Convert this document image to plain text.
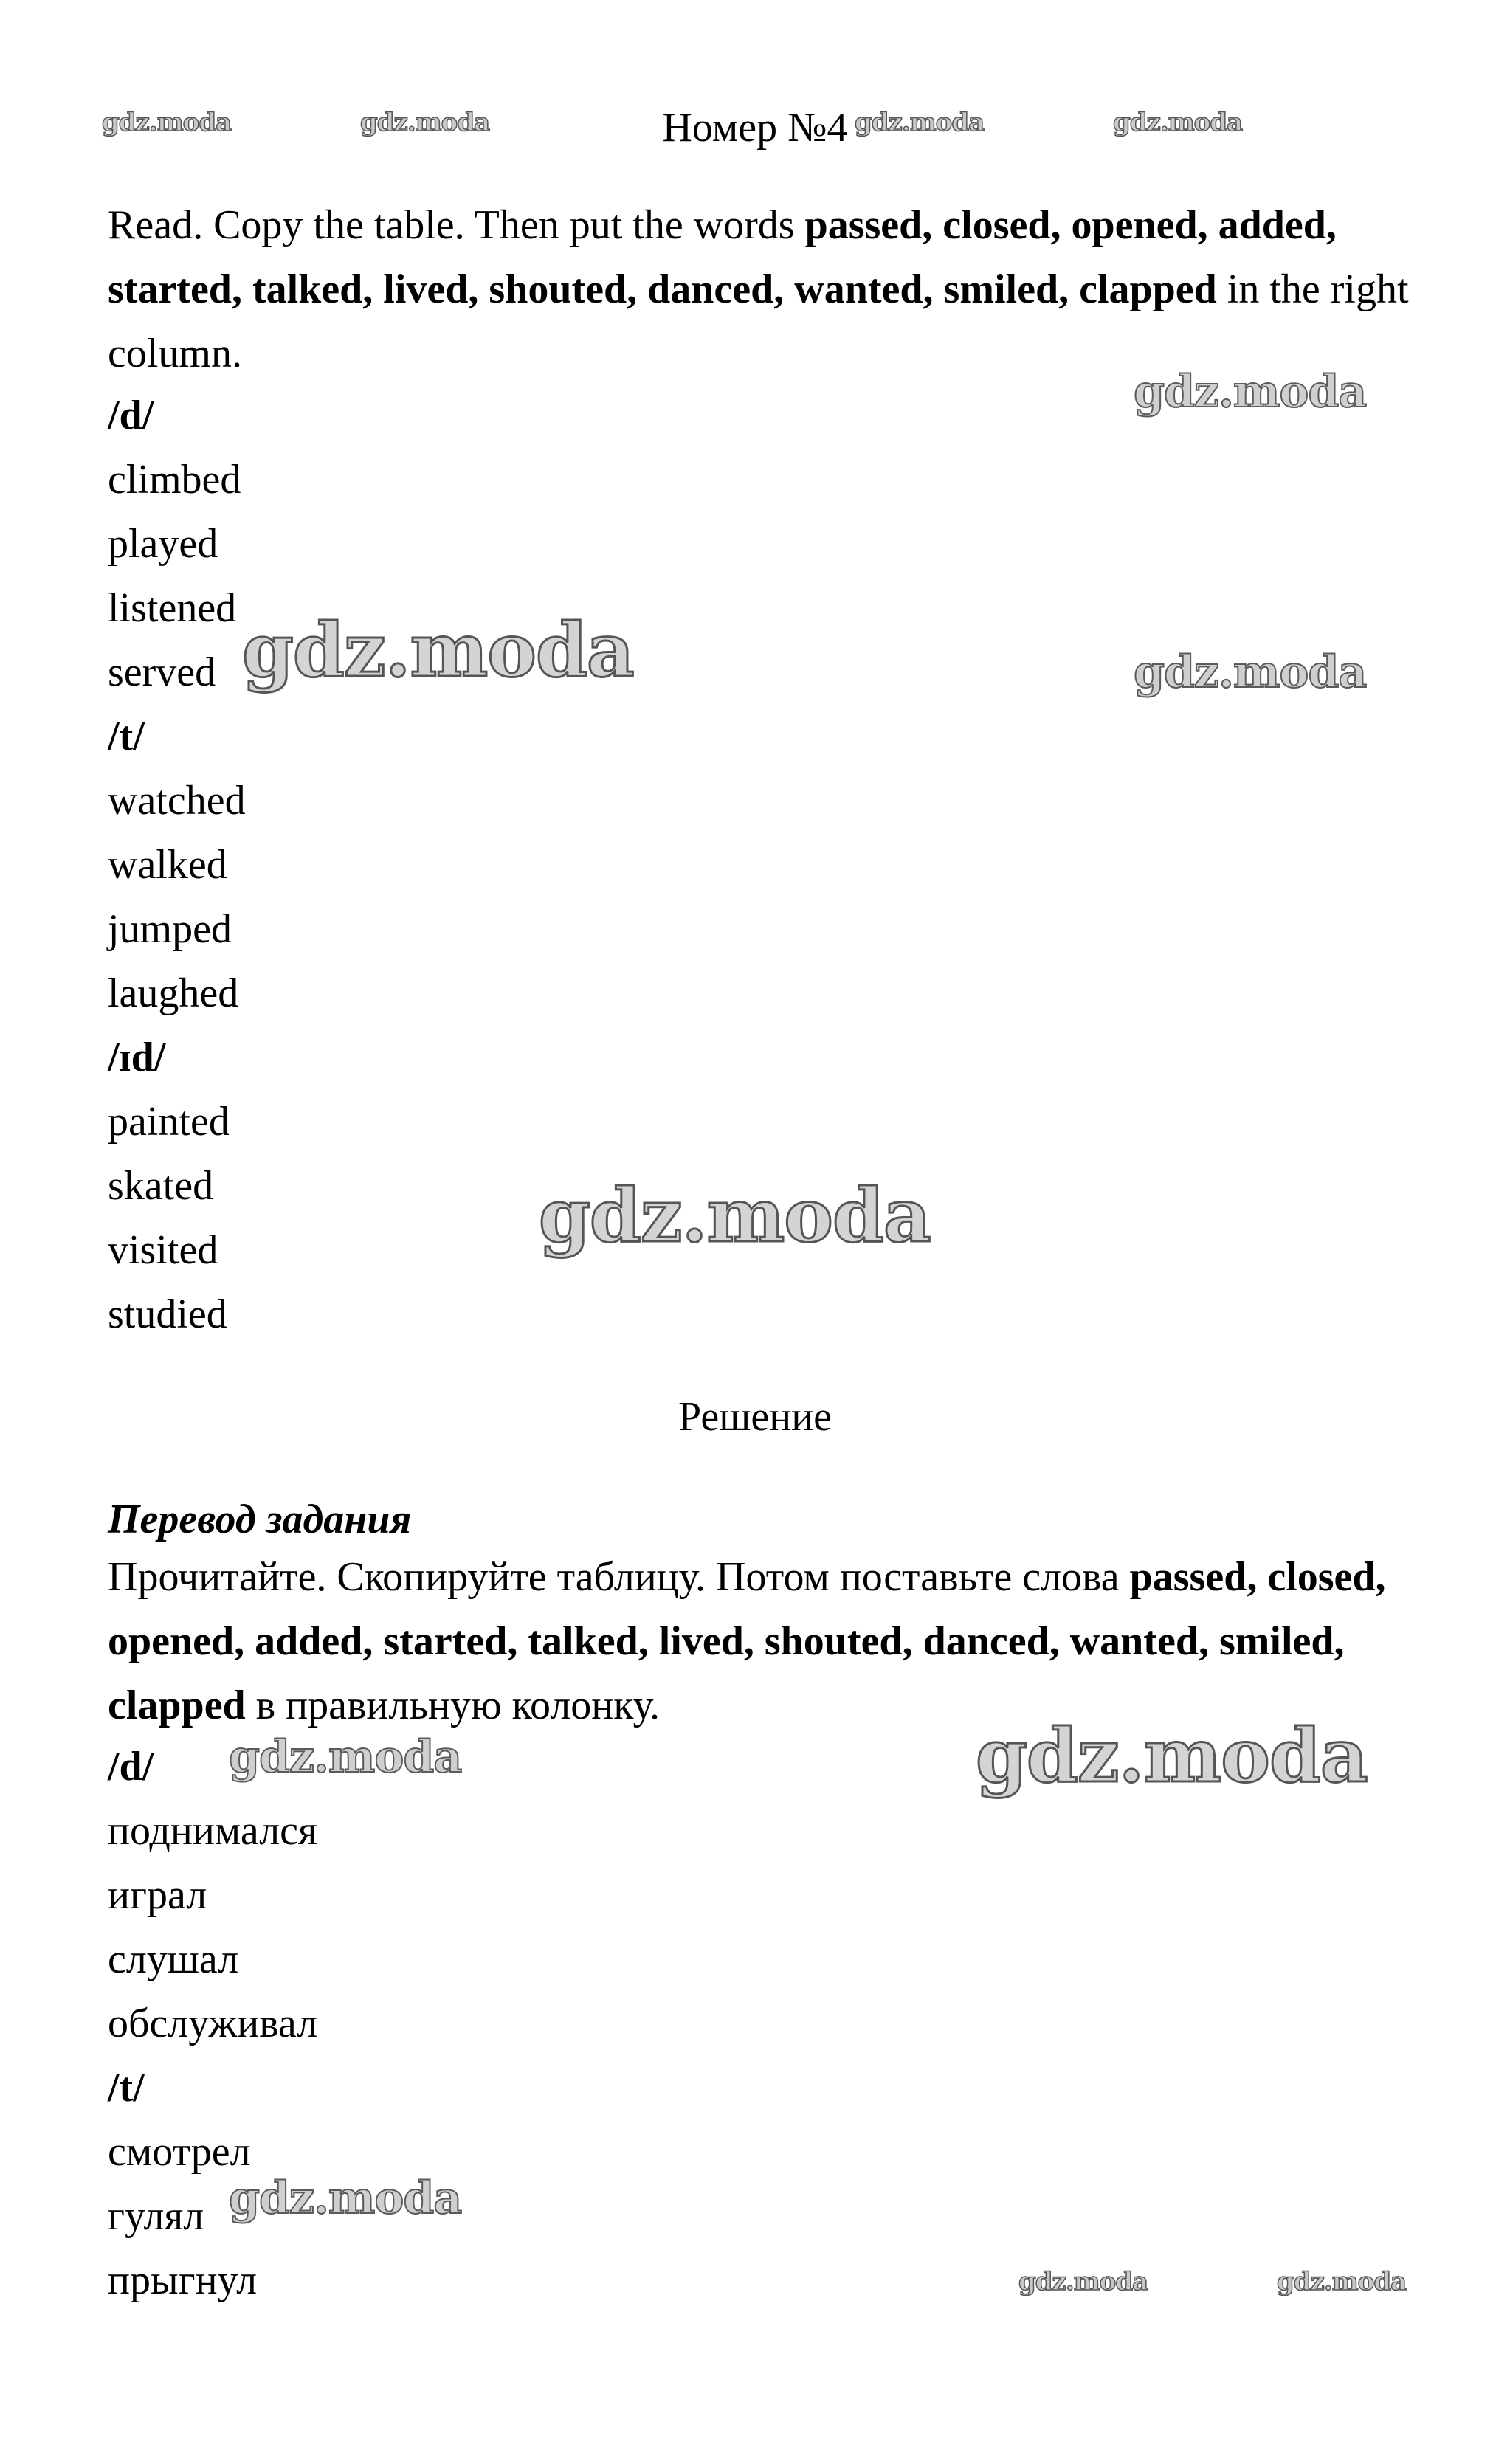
Номер №4
Read. Copy the table. Then put the words passed, closed, opened, added, started, talked, lived, shouted, danced, wanted, smiled, clapped in the right column.
/d/
climbed
played
listened
served
/t/
watched
walked
jumped
laughed
/ɪd/
painted
skated
visited
studied
Решение
Перевод задания
Прочитайте. Скопируйте таблицу. Потом поставьте слова passed, closed, opened, added, started, talked, lived, shouted, danced, wanted, smiled, clapped в правильную колонку.
/d/
поднимался
играл
слушал
обслуживал
/t/
смотрел
гулял
прыгнул
gdz.moda	gdz.moda	gdz.moda	gdz.moda
gdz.moda
gdz.moda	gdz.moda
gdz.moda
gdz.moda	gdz.moda
gdz.moda
gdz.moda	gdz.moda
